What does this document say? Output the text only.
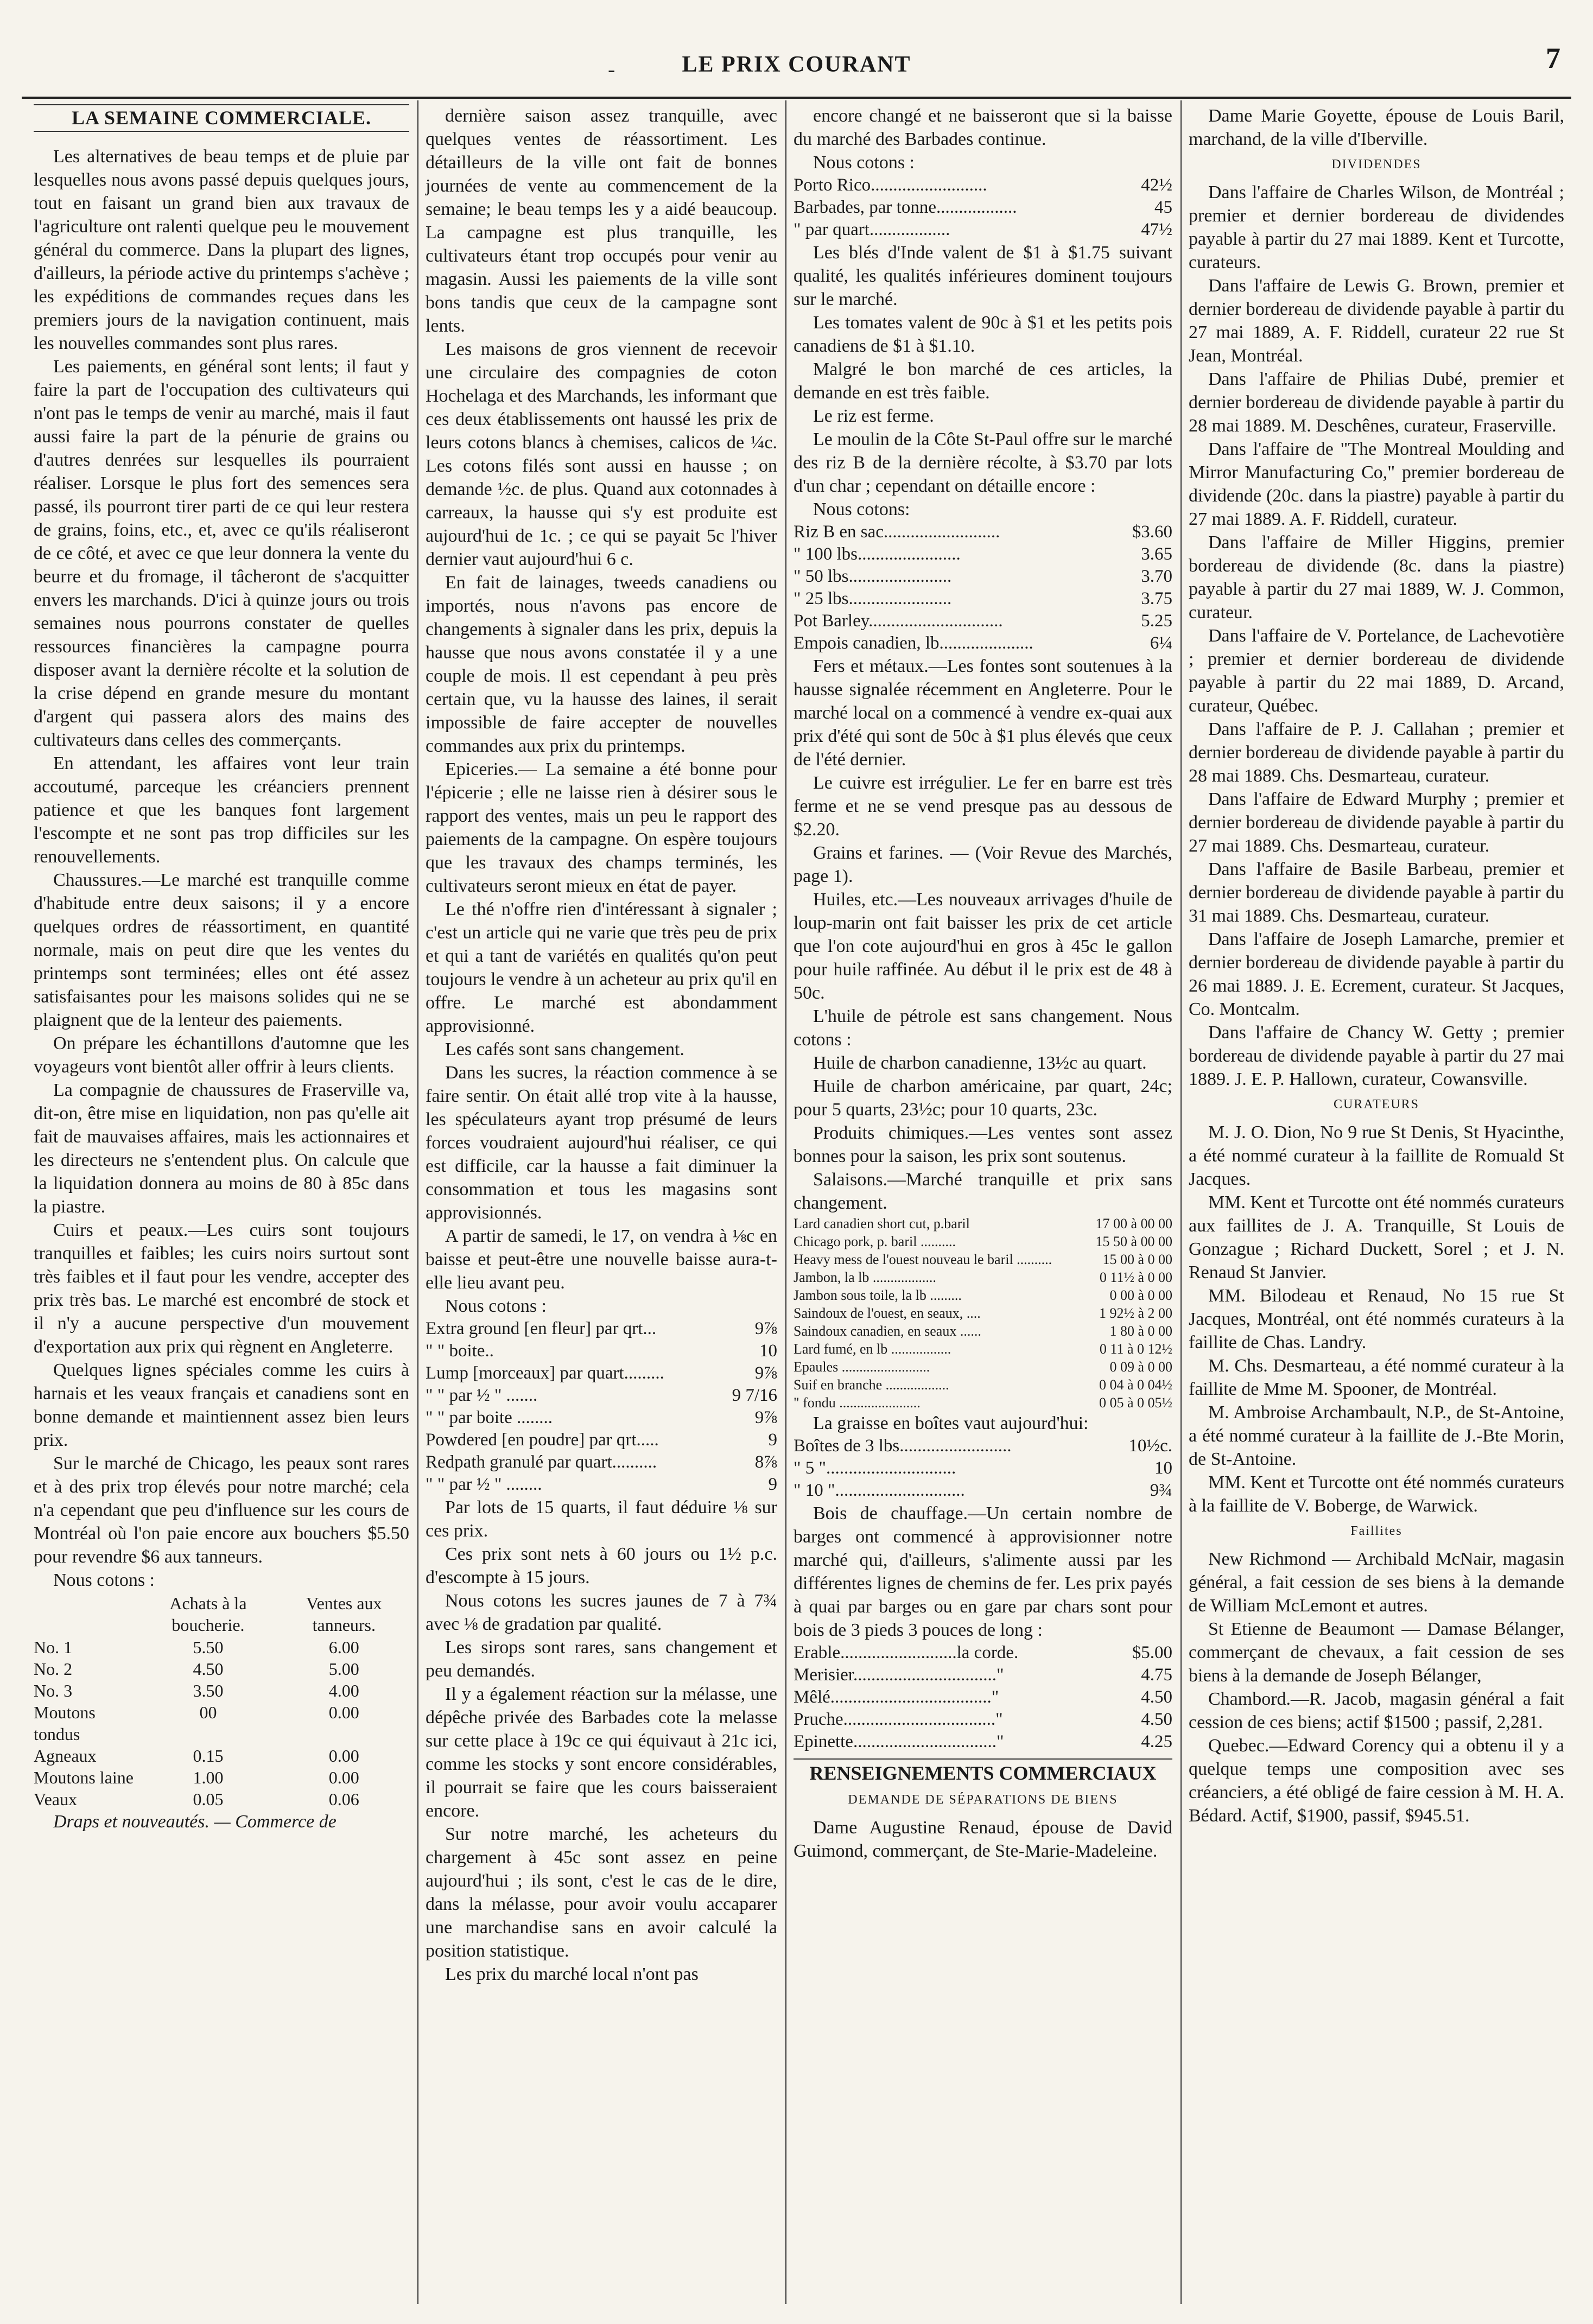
-	LE PRIX COURANT	7
LA SEMAINE COMMERCIALE.

Les alternatives de beau temps et de pluie par lesquelles nous avons passé depuis quelques jours, tout en faisant un grand bien aux travaux de l'agriculture ont ralenti quelque peu le mouvement général du commerce. Dans la plupart des lignes, d'ailleurs, la période active du printemps s'achève ; les expéditions de commandes reçues dans les premiers jours de la navigation continuent, mais les nouvelles commandes sont plus rares.

Les paiements, en général sont lents; il faut y faire la part de l'occupation des cultivateurs qui n'ont pas le temps de venir au marché, mais il faut aussi faire la part de la pénurie de grains ou d'autres denrées sur lesquelles ils pourraient réaliser. Lorsque le plus fort des semences sera passé, ils pourront tirer parti de ce qui leur restera de grains, foins, etc., et, avec ce qu'ils réaliseront de ce côté, et avec ce que leur donnera la vente du beurre et du fromage, il tâcheront de s'acquitter envers les marchands. D'ici à quinze jours ou trois semaines nous pourrons constater de quelles ressources financières la campagne pourra disposer avant la dernière récolte et la solution de la crise dépend en grande mesure du montant d'argent qui passera alors des mains des cultivateurs dans celles des commerçants.

En attendant, les affaires vont leur train accoutumé, parceque les créanciers prennent patience et que les banques font largement l'escompte et ne sont pas trop difficiles sur les renouvellements.

Chaussures.—Le marché est tranquille comme d'habitude entre deux saisons; il y a encore quelques ordres de réassortiment, en quantité normale, mais on peut dire que les ventes du printemps sont terminées; elles ont été assez satisfaisantes pour les maisons solides qui ne se plaignent que de la lenteur des paiements.

On prépare les échantillons d'automne que les voyageurs vont bientôt aller offrir à leurs clients.

La compagnie de chaussures de Fraserville va, dit-on, être mise en liquidation, non pas qu'elle ait fait de mauvaises affaires, mais les actionnaires et les directeurs ne s'entendent plus. On calcule que la liquidation donnera au moins de 80 à 85c dans la piastre.

Cuirs et peaux.—Les cuirs sont toujours tranquilles et faibles; les cuirs noirs surtout sont très faibles et il faut pour les vendre, accepter des prix très bas. Le marché est encombré de stock et il n'y a aucune perspective d'un mouvement d'exportation aux prix qui règnent en Angleterre.

Quelques lignes spéciales comme les cuirs à harnais et les veaux français et canadiens sont en bonne demande et maintiennent assez bien leurs prix.

Sur le marché de Chicago, les peaux sont rares et à des prix trop élevés pour notre marché; cela n'a cependant que peu d'influence sur les cours de Montréal où l'on paie encore aux bouchers $5.50 pour revendre $6 aux tanneurs.

Nous cotons :

	Achats à la boucherie.	Ventes aux tanneurs.
No. 1	5.50	6.00
No. 2	4.50	5.00
No. 3	3.50	4.00
Moutons tondus	00	0.00
Agneaux	0.15	0.00
Moutons laine	1.00	0.00
Veaux	0.05	0.06

Draps et nouveautés. — Commerce de

dernière saison assez tranquille, avec quelques ventes de réassortiment. Les détailleurs de la ville ont fait de bonnes journées de vente au commencement de la semaine; le beau temps les y a aidé beaucoup. La campagne est plus tranquille, les cultivateurs étant trop occupés pour venir au magasin. Aussi les paiements de la ville sont bons tandis que ceux de la campagne sont lents.

Les maisons de gros viennent de recevoir une circulaire des compagnies de coton Hochelaga et des Marchands, les informant que ces deux établissements ont haussé les prix de leurs cotons blancs à chemises, calicos de ¼c. Les cotons filés sont aussi en hausse ; on demande ½c. de plus. Quand aux cotonnades à carreaux, la hausse qui s'y est produite est aujourd'hui de 1c. ; ce qui se payait 5c l'hiver dernier vaut aujourd'hui 6 c.

En fait de lainages, tweeds canadiens ou importés, nous n'avons pas encore de changements à signaler dans les prix, depuis la hausse que nous avons constatée il y a une couple de mois. Il est cependant à peu près certain que, vu la hausse des laines, il serait impossible de faire accepter de nouvelles commandes aux prix du printemps.

Epiceries.— La semaine a été bonne pour l'épicerie ; elle ne laisse rien à désirer sous le rapport des ventes, mais un peu le rapport des paiements de la campagne. On espère toujours que les travaux des champs terminés, les cultivateurs seront mieux en état de payer.

Le thé n'offre rien d'intéressant à signaler ; c'est un article qui ne varie que très peu de prix et qui a tant de variétés en qualités qu'on peut toujours le vendre à un acheteur au prix qu'il en offre. Le marché est abondamment approvisionné.

Les cafés sont sans changement.

Dans les sucres, la réaction commence à se faire sentir. On était allé trop vite à la hausse, les spéculateurs ayant trop présumé de leurs forces voudraient aujourd'hui réaliser, ce qui est difficile, car la hausse a fait diminuer la consommation et tous les magasins sont approvisionnés.

A partir de samedi, le 17, on vendra à ⅛c en baisse et peut-être une nouvelle baisse aura-t-elle lieu avant peu.

Nous cotons :

Extra ground [en fleur] par qrt...	9⅞
" " boite..	10
Lump [morceaux] par quart.........	9⅞
" " par ½ " .......	9 7/16
" " par boite ........	9⅞
Powdered [en poudre] par qrt.....	9
Redpath granulé par quart..........	8⅞
" " par ½ " ........	9

Par lots de 15 quarts, il faut déduire ⅛ sur ces prix.

Ces prix sont nets à 60 jours ou 1½ p.c. d'escompte à 15 jours.

Nous cotons les sucres jaunes de 7 à 7¾ avec ⅛ de gradation par qualité.

Les sirops sont rares, sans changement et peu demandés.

Il y a également réaction sur la mélasse, une dépêche privée des Barbades cote la melasse sur cette place à 19c ce qui équivaut à 21c ici, comme les stocks y sont encore considérables, il pourrait se faire que les cours baisseraient encore.

Sur notre marché, les acheteurs du chargement à 45c sont assez en peine aujourd'hui ; ils sont, c'est le cas de le dire, dans la mélasse, pour avoir voulu accaparer une marchandise sans en avoir calculé la position statistique.

Les prix du marché local n'ont pas

encore changé et ne baisseront que si la baisse du marché des Barbades continue.

Nous cotons :

Porto Rico..........................	42½
Barbades, par tonne..................	45
" par quart..................	47½

Les blés d'Inde valent de $1 à $1.75 suivant qualité, les qualités inférieures dominent toujours sur le marché.

Les tomates valent de 90c à $1 et les petits pois canadiens de $1 à $1.10.

Malgré le bon marché de ces articles, la demande en est très faible.

Le riz est ferme.

Le moulin de la Côte St-Paul offre sur le marché des riz B de la dernière récolte, à $3.70 par lots d'un char ; cependant on détaille encore :

Nous cotons:

Riz B en sac..........................	$3.60
" 100 lbs.......................	3.65
" 50 lbs.......................	3.70
" 25 lbs.......................	3.75
Pot Barley..............................	5.25
Empois canadien, lb.....................	6¼

Fers et métaux.—Les fontes sont soutenues à la hausse signalée récemment en Angleterre. Pour le marché local on a commencé à vendre ex-quai aux prix d'été qui sont de 50c à $1 plus élevés que ceux de l'été dernier.

Le cuivre est irrégulier. Le fer en barre est très ferme et ne se vend presque pas au dessous de $2.20.

Grains et farines. — (Voir Revue des Marchés, page 1).

Huiles, etc.—Les nouveaux arrivages d'huile de loup-marin ont fait baisser les prix de cet article que l'on cote aujourd'hui en gros à 45c le gallon pour huile raffinée. Au début il le prix est de 48 à 50c.

L'huile de pétrole est sans changement. Nous cotons :

Huile de charbon canadienne, 13½c au quart.

Huile de charbon américaine, par quart, 24c; pour 5 quarts, 23½c; pour 10 quarts, 23c.

Produits chimiques.—Les ventes sont assez bonnes pour la saison, les prix sont soutenus.

Salaisons.—Marché tranquille et prix sans changement.

Lard canadien short cut, p.baril	17 00 à 00 00
Chicago pork, p. baril ..........	15 50 à 00 00
Heavy mess de l'ouest nouveau le baril ..........	15 00 à 0 00
Jambon, la lb ..................	0 11½ à 0 00
Jambon sous toile, la lb .........	0 00 à 0 00
Saindoux de l'ouest, en seaux, ....	1 92½ à 2 00
Saindoux canadien, en seaux ......	1 80 à 0 00
Lard fumé, en lb .................	0 11 à 0 12½
Epaules .........................	0 09 à 0 00
Suif en branche ..................	0 04 à 0 04½
" fondu .......................	0 05 à 0 05½

La graisse en boîtes vaut aujourd'hui:

Boîtes de 3 lbs.........................	10½c.
" 5 ".............................	10
" 10 ".............................	9¾

Bois de chauffage.—Un certain nombre de barges ont commencé à approvisionner notre marché qui, d'ailleurs, s'alimente aussi par les différentes lignes de chemins de fer. Les prix payés à quai par barges ou en gare par chars sont pour bois de 3 pieds 3 pouces de long :

Erable..........................la corde.	$5.00
Merisier................................"	4.75
Mêlé...................................."	4.50
Pruche.................................."	4.50
Epinette................................"	4.25
RENSEIGNEMENTS COMMERCIAUX
DEMANDE DE SÉPARATIONS DE BIENS

Dame Augustine Renaud, épouse de David Guimond, commerçant, de Ste-Marie-Madeleine.

Dame Marie Goyette, épouse de Louis Baril, marchand, de la ville d'Iberville.

DIVIDENDES

Dans l'affaire de Charles Wilson, de Montréal ; premier et dernier bordereau de dividendes payable à partir du 27 mai 1889. Kent et Turcotte, curateurs.

Dans l'affaire de Lewis G. Brown, premier et dernier bordereau de dividende payable à partir du 27 mai 1889, A. F. Riddell, curateur 22 rue St Jean, Montréal.

Dans l'affaire de Philias Dubé, premier et dernier bordereau de dividende payable à partir du 28 mai 1889. M. Deschênes, curateur, Fraserville.

Dans l'affaire de "The Montreal Moulding and Mirror Manufacturing Co," premier bordereau de dividende (20c. dans la piastre) payable à partir du 27 mai 1889. A. F. Riddell, curateur.

Dans l'affaire de Miller Higgins, premier bordereau de dividende (8c. dans la piastre) payable à partir du 27 mai 1889, W. J. Common, curateur.

Dans l'affaire de V. Portelance, de Lachevotière ; premier et dernier bordereau de dividende payable à partir du 22 mai 1889, D. Arcand, curateur, Québec.

Dans l'affaire de P. J. Callahan ; premier et dernier bordereau de dividende payable à partir du 28 mai 1889. Chs. Desmarteau, curateur.

Dans l'affaire de Edward Murphy ; premier et dernier bordereau de dividende payable à partir du 27 mai 1889. Chs. Desmarteau, curateur.

Dans l'affaire de Basile Barbeau, premier et dernier bordereau de dividende payable à partir du 31 mai 1889. Chs. Desmarteau, curateur.

Dans l'affaire de Joseph Lamarche, premier et dernier bordereau de dividende payable à partir du 26 mai 1889. J. E. Ecrement, curateur. St Jacques, Co. Montcalm.

Dans l'affaire de Chancy W. Getty ; premier bordereau de dividende payable à partir du 27 mai 1889. J. E. P. Hallown, curateur, Cowansville.

CURATEURS

M. J. O. Dion, No 9 rue St Denis, St Hyacinthe, a été nommé curateur à la faillite de Romuald St Jacques.

MM. Kent et Turcotte ont été nommés curateurs aux faillites de J. A. Tranquille, St Louis de Gonzague ; Richard Duckett, Sorel ; et J. N. Renaud St Janvier.

MM. Bilodeau et Renaud, No 15 rue St Jacques, Montréal, ont été nommés curateurs à la faillite de Chas. Landry.

M. Chs. Desmarteau, a été nommé curateur à la faillite de Mme M. Spooner, de Montréal.

M. Ambroise Archambault, N.P., de St-Antoine, a été nommé curateur à la faillite de J.-Bte Morin, de St-Antoine.

MM. Kent et Turcotte ont été nommés curateurs à la faillite de V. Boberge, de Warwick.

Faillites

New Richmond — Archibald McNair, magasin général, a fait cession de ses biens à la demande de William McLemont et autres.

St Etienne de Beaumont — Damase Bélanger, commerçant de chevaux, a fait cession de ses biens à la demande de Joseph Bélanger,

Chambord.—R. Jacob, magasin général a fait cession de ces biens; actif $1500 ; passif, 2,281.

Quebec.—Edward Corency qui a obtenu il y a quelque temps une composition avec ses créanciers, a été obligé de faire cession à M. H. A. Bédard. Actif, $1900, passif, $945.51.
